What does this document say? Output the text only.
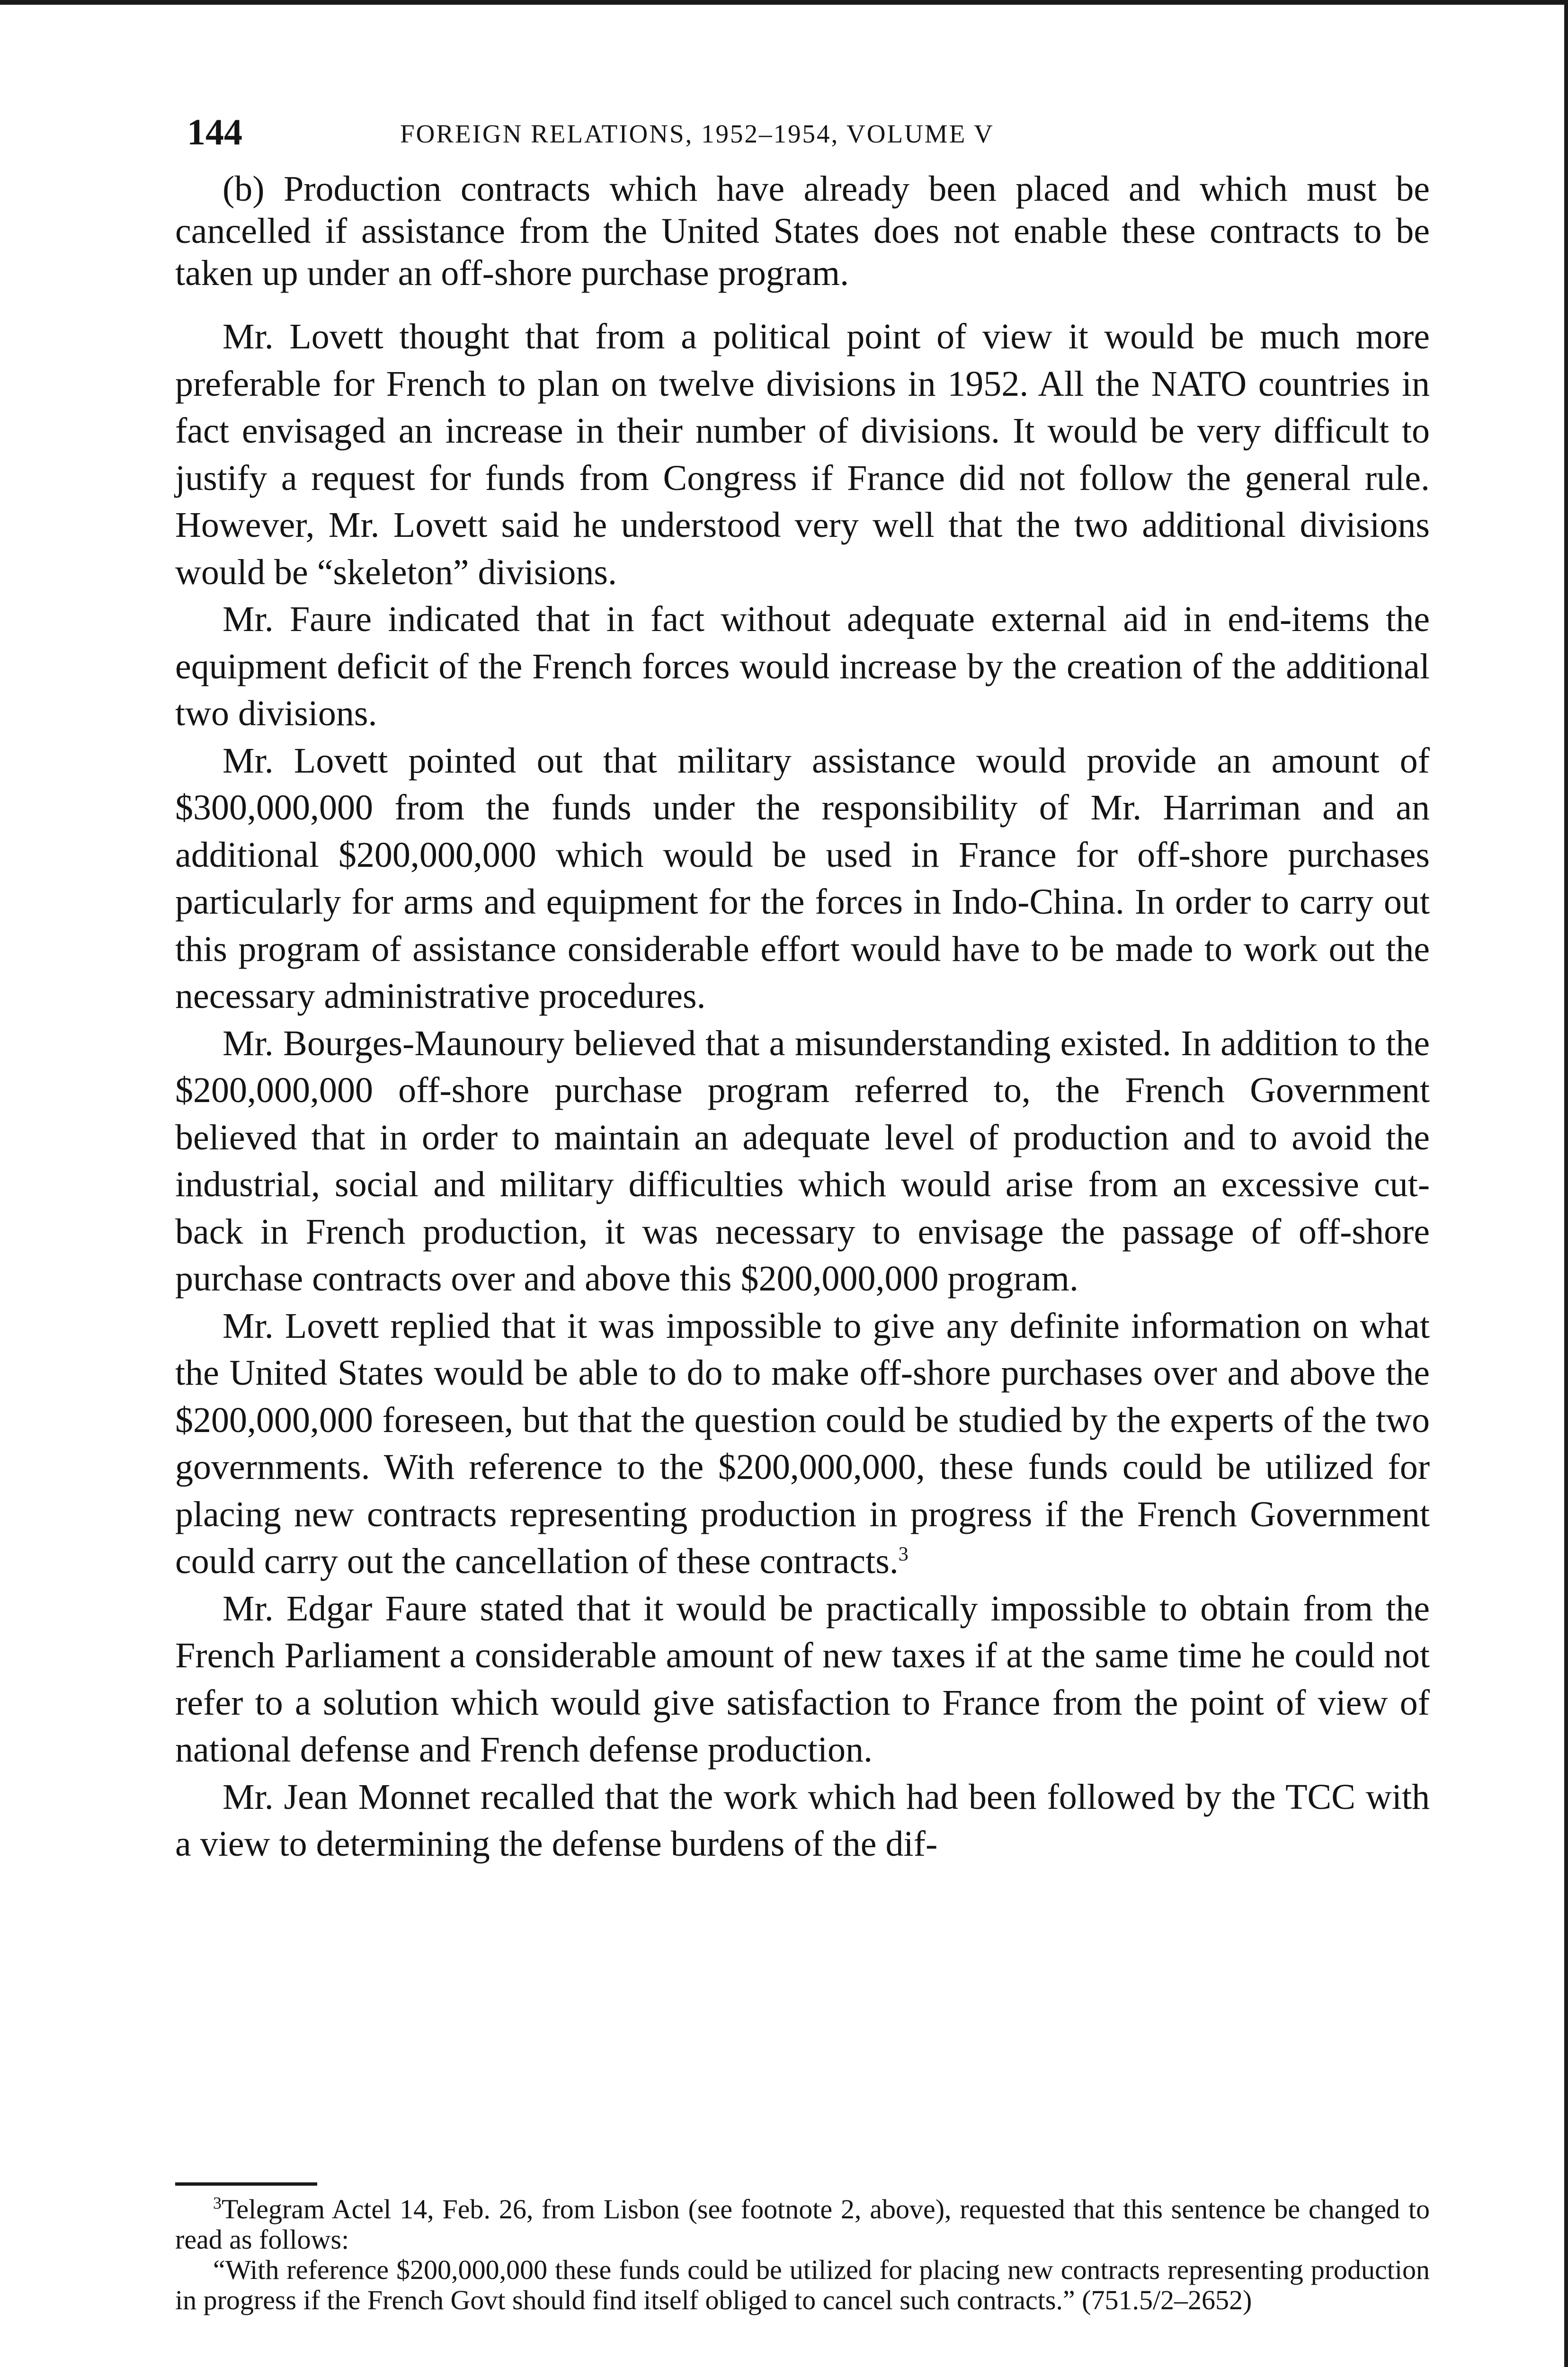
144	FOREIGN RELATIONS, 1952–1954, VOLUME V

(b) Production contracts which have already been placed and which must be cancelled if assistance from the United States does not enable these contracts to be taken up under an off-shore purchase program.

Mr. Lovett thought that from a political point of view it would be much more preferable for French to plan on twelve divisions in 1952. All the NATO countries in fact envisaged an increase in their number of divisions. It would be very difficult to justify a request for funds from Congress if France did not follow the general rule. However, Mr. Lovett said he understood very well that the two additional divisions would be “skeleton” divisions.

Mr. Faure indicated that in fact without adequate external aid in end-items the equipment deficit of the French forces would increase by the creation of the additional two divisions.

Mr. Lovett pointed out that military assistance would provide an amount of $300,000,000 from the funds under the responsibility of Mr. Harriman and an additional $200,000,000 which would be used in France for off-shore purchases particularly for arms and equipment for the forces in Indo-China. In order to carry out this program of assistance considerable effort would have to be made to work out the necessary administrative procedures.

Mr. Bourges-Maunoury believed that a misunderstanding existed. In addition to the $200,000,000 off-shore purchase program referred to, the French Government believed that in order to maintain an adequate level of production and to avoid the industrial, social and military difficulties which would arise from an excessive cut-back in French production, it was necessary to envisage the passage of off-shore purchase contracts over and above this $200,000,000 program.

Mr. Lovett replied that it was impossible to give any definite information on what the United States would be able to do to make off-shore purchases over and above the $200,000,000 foreseen, but that the question could be studied by the experts of the two governments. With reference to the $200,000,000, these funds could be utilized for placing new contracts representing production in progress if the French Government could carry out the cancellation of these contracts.$^3$

Mr. Edgar Faure stated that it would be practically impossible to obtain from the French Parliament a considerable amount of new taxes if at the same time he could not refer to a solution which would give satisfaction to France from the point of view of national defense and French defense production.

Mr. Jean Monnet recalled that the work which had been followed by the TCC with a view to determining the defense burdens of the dif-

$^3$Telegram Actel 14, Feb. 26, from Lisbon (see footnote 2, above), requested that this sentence be changed to read as follows:

“With reference $200,000,000 these funds could be utilized for placing new contracts representing production in progress if the French Govt should find itself obliged to cancel such contracts.” (751.5/2–2652)
